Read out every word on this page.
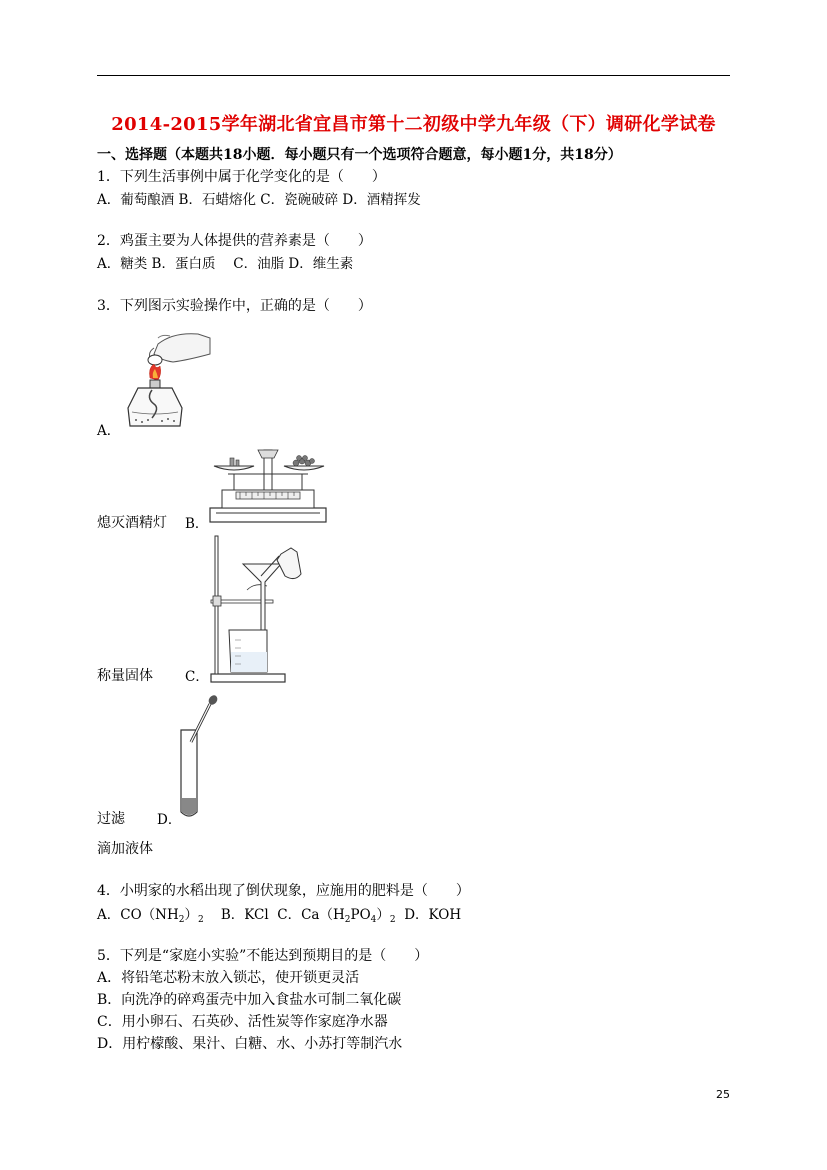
2014-2015学年湖北省宜昌市第十二初级中学九年级（下）调研化学试卷
一、选择题（本题共18小题．每小题只有一个选项符合题意，每小题1分，共18分）
1．下列生活事例中属于化学变化的是（　　）
A．葡萄酿酒 B．石蜡熔化 C．瓷碗破碎 D．酒精挥发
2．鸡蛋主要为人体提供的营养素是（　　）
A．糖类 B．蛋白质　 C．油脂 D．维生素
3．下列图示实验操作中，正确的是（　　）
A．
熄灭酒精灯 B．
称量固体 C．
过滤 D．
滴加液体
4．小明家的水稻出现了倒伏现象，应施用的肥料是（　　）
A．$CO(NH_2)_2$ B．KCl C．$Ca(H_2PO_4)_2$ D．KOH
5．下列是“家庭小实验”不能达到预期目的是（　　）
A．将铅笔芯粉末放入锁芯，使开锁更灵活
B．向洗净的碎鸡蛋壳中加入食盐水可制二氧化碳
C．用小卵石、石英砂、活性炭等作家庭净水器
D．用柠檬酸、果汁、白糖、水、小苏打等制汽水
25
